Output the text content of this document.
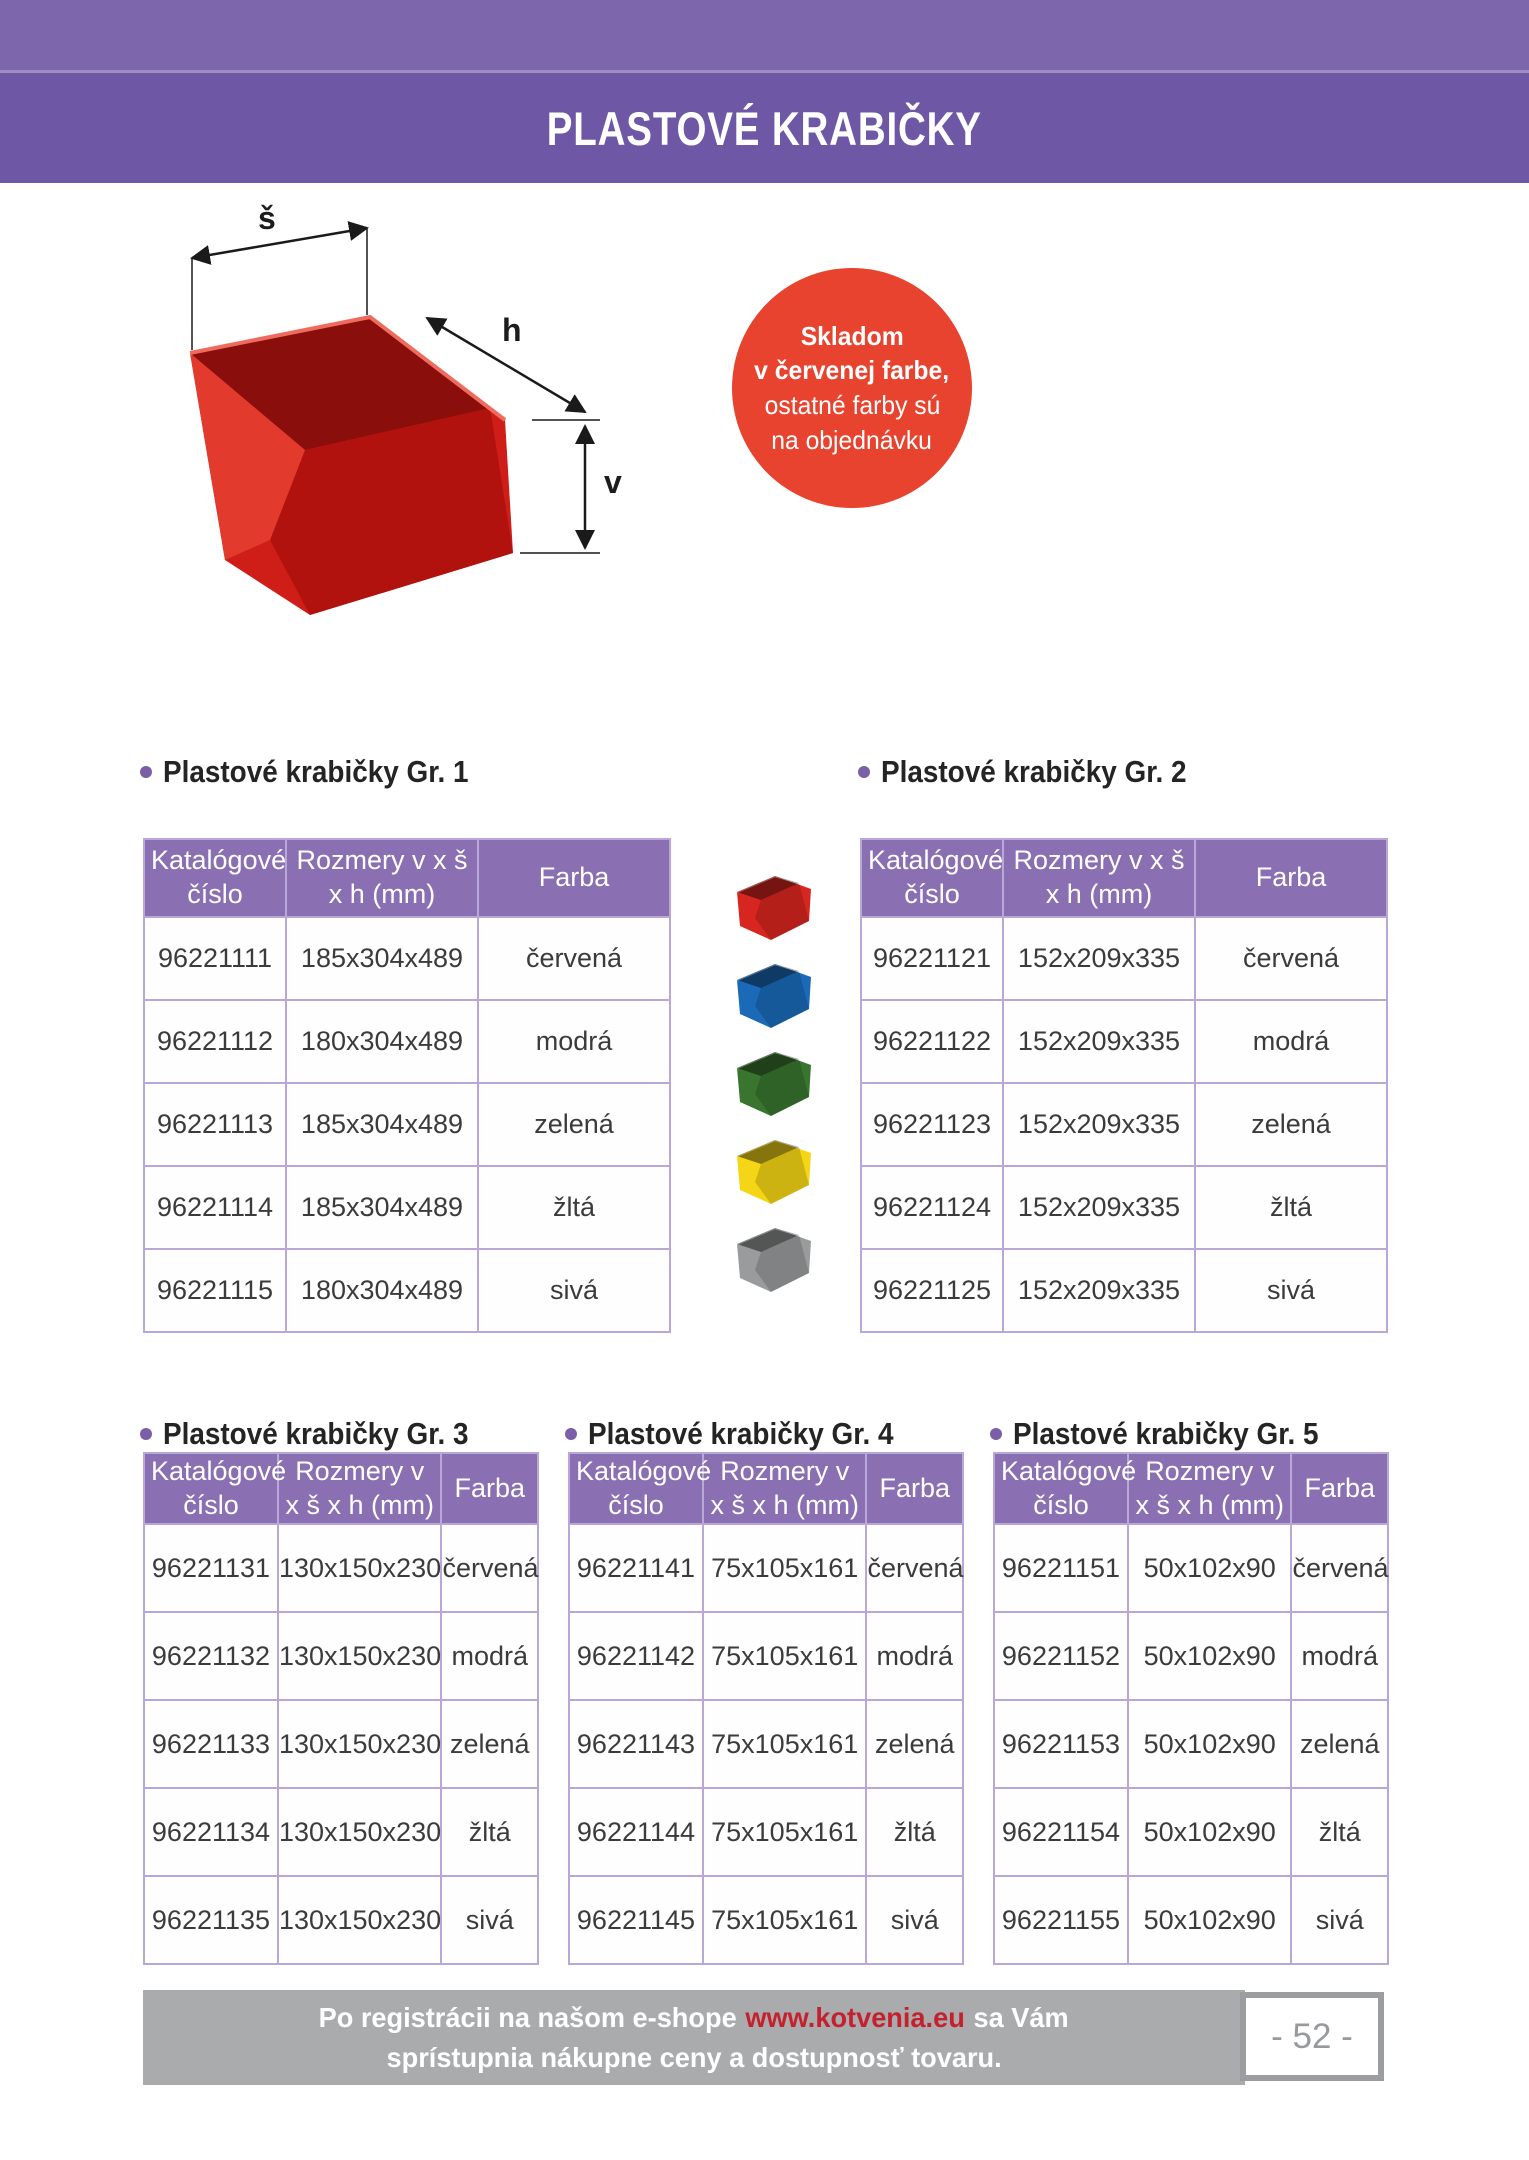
PLASTOVÉ KRABIČKY
š
h
v
Skladom
v červenej farbe,
ostatné farby sú
na objednávku
Plastové krabičky Gr. 1	Plastové krabičky Gr. 2
Plastové krabičky Gr. 3	Plastové krabičky Gr. 4	Plastové krabičky Gr. 5
Katalógové číslo	Rozmery v x š x h (mm)	Farba
96221111	185x304x489	červená
96221112	180x304x489	modrá
96221113	185x304x489	zelená
96221114	185x304x489	žltá
96221115	180x304x489	sivá
Katalógové číslo	Rozmery v x š x h (mm)	Farba
96221121	152x209x335	červená
96221122	152x209x335	modrá
96221123	152x209x335	zelená
96221124	152x209x335	žltá
96221125	152x209x335	sivá
Katalógové číslo	Rozmery v x š x h (mm)	Farba
96221131	130x150x230	červená
96221132	130x150x230	modrá
96221133	130x150x230	zelená
96221134	130x150x230	žltá
96221135	130x150x230	sivá
Katalógové číslo	Rozmery v x š x h (mm)	Farba
96221141	75x105x161	červená
96221142	75x105x161	modrá
96221143	75x105x161	zelená
96221144	75x105x161	žltá
96221145	75x105x161	sivá
Katalógové číslo	Rozmery v x š x h (mm)	Farba
96221151	50x102x90	červená
96221152	50x102x90	modrá
96221153	50x102x90	zelená
96221154	50x102x90	žltá
96221155	50x102x90	sivá
Po registrácii na našom e-shope www.kotvenia.eu sa Vám
sprístupnia nákupne ceny a dostupnosť tovaru.
- 52 -
